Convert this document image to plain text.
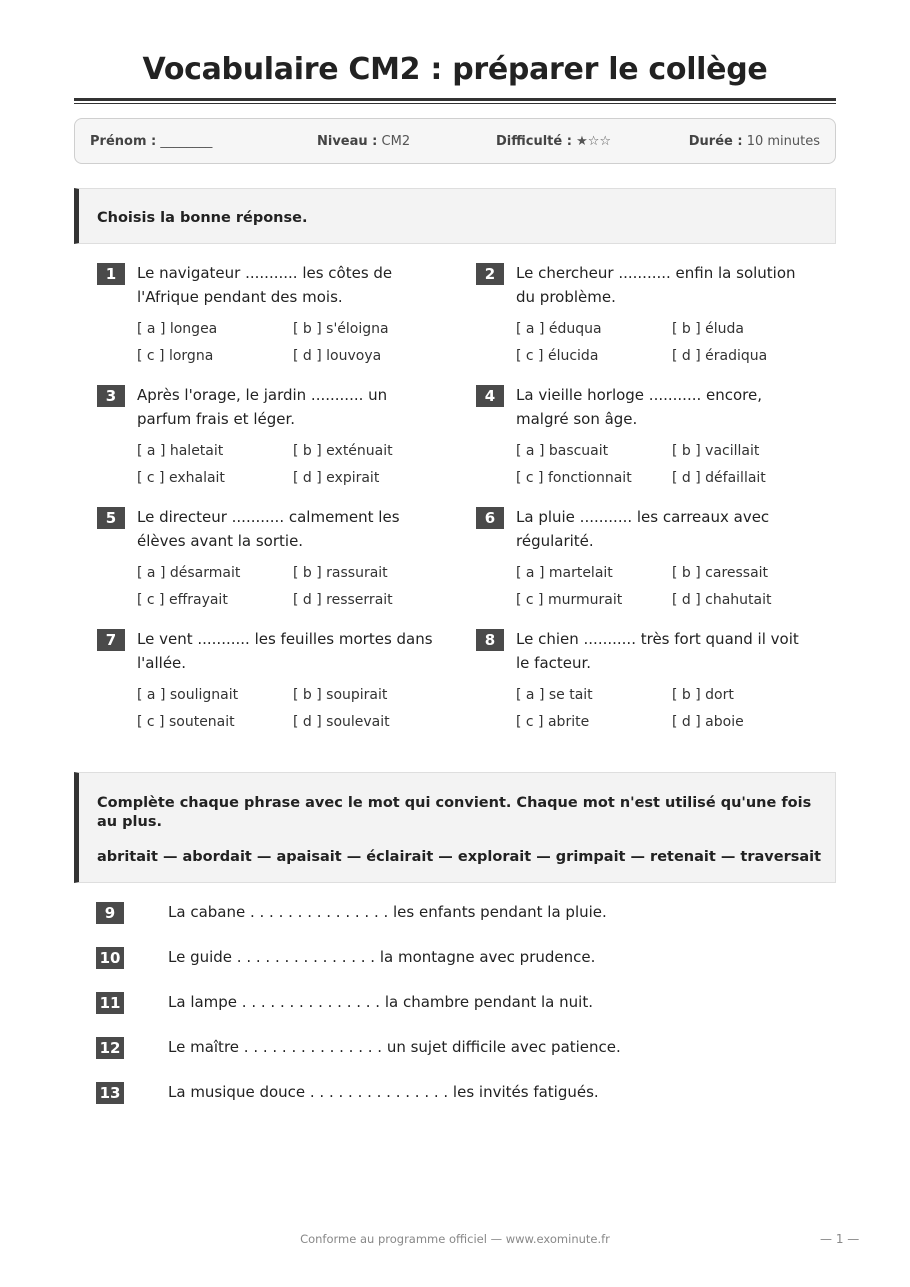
Vocabulaire CM2 : préparer le collège
Prénom : ________	Niveau : CM2	Difficulté : ★☆☆	Durée : 10 minutes
Choisis la bonne réponse.
1	Le navigateur ........... les côtes de l'Afrique pendant des mois.
[ a ] longea	[ b ] s'éloigna
[ c ] lorgna	[ d ] louvoya
2	Le chercheur ........... enfin la solution du problème.
[ a ] éduqua	[ b ] éluda
[ c ] élucida	[ d ] éradiqua
3	Après l'orage, le jardin ........... un parfum frais et léger.
[ a ] haletait	[ b ] exténuait
[ c ] exhalait	[ d ] expirait
4	La vieille horloge ........... encore, malgré son âge.
[ a ] bascuait	[ b ] vacillait
[ c ] fonctionnait	[ d ] défaillait
5	Le directeur ........... calmement les élèves avant la sortie.
[ a ] désarmait	[ b ] rassurait
[ c ] effrayait	[ d ] resserrait
6	La pluie ........... les carreaux avec régularité.
[ a ] martelait	[ b ] caressait
[ c ] murmurait	[ d ] chahutait
7	Le vent ........... les feuilles mortes dans l'allée.
[ a ] soulignait	[ b ] soupirait
[ c ] soutenait	[ d ] soulevait
8	Le chien ........... très fort quand il voit le facteur.
[ a ] se tait	[ b ] dort
[ c ] abrite	[ d ] aboie
Complète chaque phrase avec le mot qui convient. Chaque mot n'est utilisé qu'une fois au plus.
abritait — abordait — apaisait — éclairait — explorait — grimpait — retenait — traversait
9	La cabane . . . . . . . . . . . . . . . les enfants pendant la pluie.
10	Le guide . . . . . . . . . . . . . . . la montagne avec prudence.
11	La lampe . . . . . . . . . . . . . . . la chambre pendant la nuit.
12	Le maître . . . . . . . . . . . . . . . un sujet difficile avec patience.
13	La musique douce . . . . . . . . . . . . . . . les invités fatigués.
Conforme au programme officiel — www.exominute.fr	— 1 —
